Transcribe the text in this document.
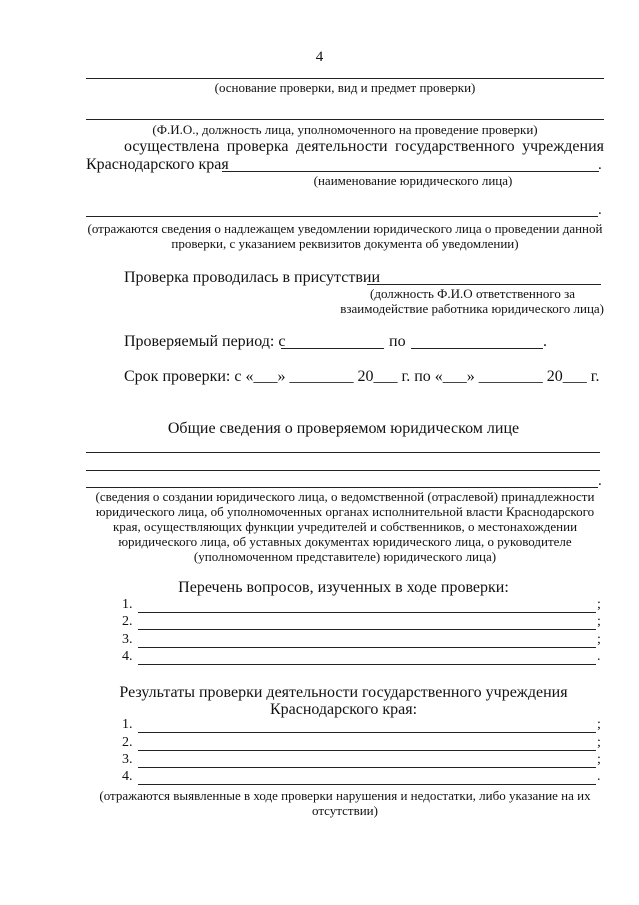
4
(основание проверки, вид и предмет проверки)
(Ф.И.О., должность лица, уполномоченного на проведение проверки)
осуществлена проверка деятельности государственного учреждения
Краснодарского края	.
(наименование юридического лица)
.
(отражаются сведения о надлежащем уведомлении юридического лица о проведении данной
проверки, с указанием реквизитов документа об уведомлении)
Проверка проводилась в присутствии
(должность Ф.И.О ответственного за
взаимодействие работника юридического лица)
Проверяемый период: с	по	.
Срок проверки: с «___» ________ 20___ г. по «___» ________ 20___ г.
Общие сведения о проверяемом юридическом лице
.
(сведения о создании юридического лица, о ведомственной (отраслевой) принадлежности
юридического лица, об уполномоченных органах исполнительной власти Краснодарского
края, осуществляющих функции учредителей и собственников, о местонахождении
юридического лица, об уставных документах юридического лица, о руководителе
(уполномоченном представителе) юридического лица)
Перечень вопросов, изученных в ходе проверки:
1.	;
2.	;
3.	;
4.	.
Результаты проверки деятельности государственного учреждения
Краснодарского края:
1.	;
2.	;
3.	;
4.	.
(отражаются выявленные в ходе проверки нарушения и недостатки, либо указание на их
отсутствии)
